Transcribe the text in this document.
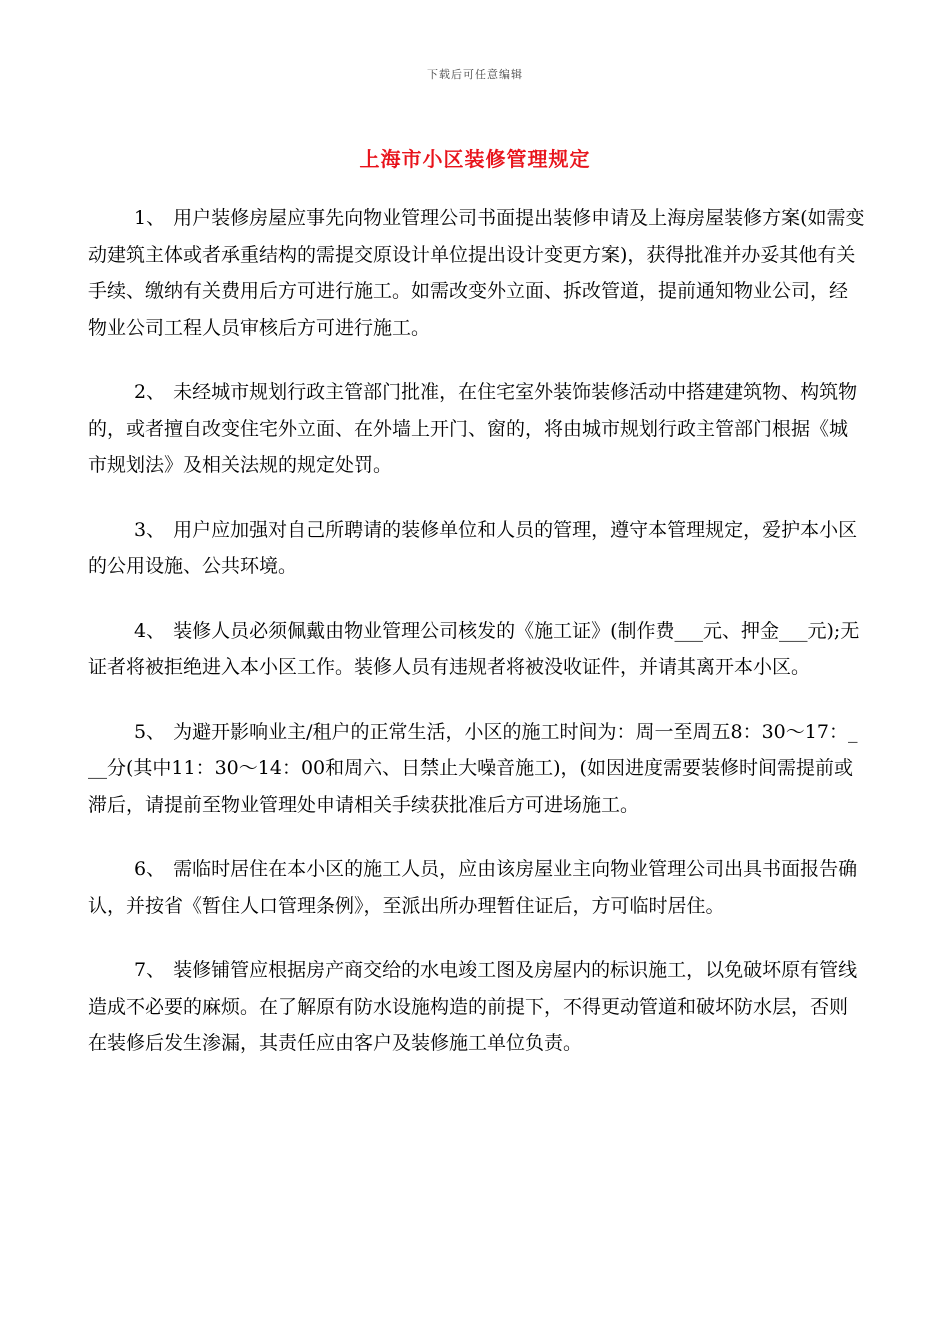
下载后可任意编辑
上海市小区装修管理规定

1、 用户装修房屋应事先向物业管理公司书面提出装修申请及上海房屋装修方案(如需变动建筑主体或者承重结构的需提交原设计单位提出设计变更方案)，获得批准并办妥其他有关手续、缴纳有关费用后方可进行施工。如需改变外立面、拆改管道，提前通知物业公司，经物业公司工程人员审核后方可进行施工。

2、 未经城市规划行政主管部门批准，在住宅室外装饰装修活动中搭建建筑物、构筑物的，或者擅自改变住宅外立面、在外墙上开门、窗的，将由城市规划行政主管部门根据《城市规划法》及相关法规的规定处罚。

3、 用户应加强对自己所聘请的装修单位和人员的管理，遵守本管理规定，爱护本小区的公用设施、公共环境。

4、 装修人员必须佩戴由物业管理公司核发的《施工证》(制作费___元、押金___元);无证者将被拒绝进入本小区工作。装修人员有违规者将被没收证件，并请其离开本小区。

5、 为避开影响业主/租户的正常生活，小区的施工时间为：周一至周五8：30～17：___分(其中11：30～14：00和周六、日禁止大噪音施工)，(如因进度需要装修时间需提前或滞后，请提前至物业管理处申请相关手续获批准后方可进场施工。

6、 需临时居住在本小区的施工人员，应由该房屋业主向物业管理公司出具书面报告确认，并按省《暂住人口管理条例》，至派出所办理暂住证后，方可临时居住。

7、 装修铺管应根据房产商交给的水电竣工图及房屋内的标识施工，以免破坏原有管线造成不必要的麻烦。在了解原有防水设施构造的前提下，不得更动管道和破坏防水层，否则在装修后发生渗漏，其责任应由客户及装修施工单位负责。
